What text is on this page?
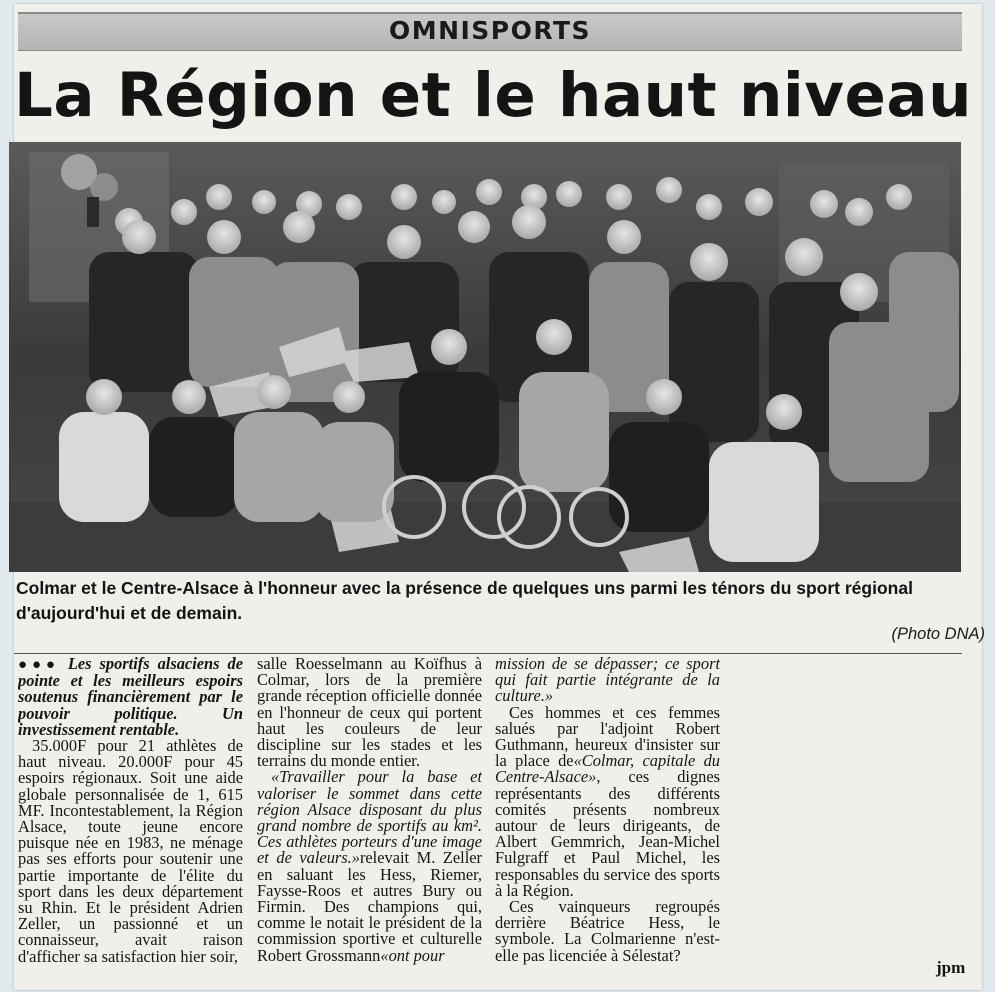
OMNISPORTS
La Région et le haut niveau
Colmar et le Centre-Alsace à l'honneur avec la présence de quelques uns parmi les ténors du sport régional d'aujourd'hui et de demain.
(Photo DNA)

●●● Les sportifs alsaciens de pointe et les meilleurs espoirs soutenus financièrement par le pouvoir politique. Un investissement rentable.

35.000F pour 21 athlètes de haut niveau. 20.000F pour 45 espoirs régionaux. Soit une aide globale personnalisée de 1, 615 MF. Incontestablement, la Région Alsace, toute jeune encore puisque née en 1983, ne ménage pas ses efforts pour soutenir une partie importante de l'élite du sport dans les deux département su Rhin. Et le président Adrien Zeller, un passionné et un connaisseur, avait raison d'afficher sa satisfaction hier soir,

salle Roesselmann au Koïfhus à Colmar, lors de la première grande réception officielle donnée en l'honneur de ceux qui portent haut les couleurs de leur discipline sur les stades et les terrains du monde entier.

«Travailler pour la base et valoriser le sommet dans cette région Alsace disposant du plus grand nombre de sportifs au km². Ces athlètes porteurs d'une image et de valeurs.»relevait M. Zeller en saluant les Hess, Riemer, Faysse-Roos et autres Bury ou Firmin. Des champions qui, comme le notait le président de la commission sportive et culturelle Robert Grossmann«ont pour

mission de se dépasser; ce sport qui fait partie intégrante de la culture.»

Ces hommes et ces femmes salués par l'adjoint Robert Guthmann, heureux d'insister sur la place de«Colmar, capitale du Centre-Alsace», ces dignes représentants des différents comités présents nombreux autour de leurs dirigeants, de Albert Gemmrich, Jean-Michel Fulgraff et Paul Michel, les responsables du service des sports à la Région.

Ces vainqueurs regroupés derrière Béatrice Hess, le symbole. La Colmarienne n'est-elle pas licenciée à Sélestat?

jpm
